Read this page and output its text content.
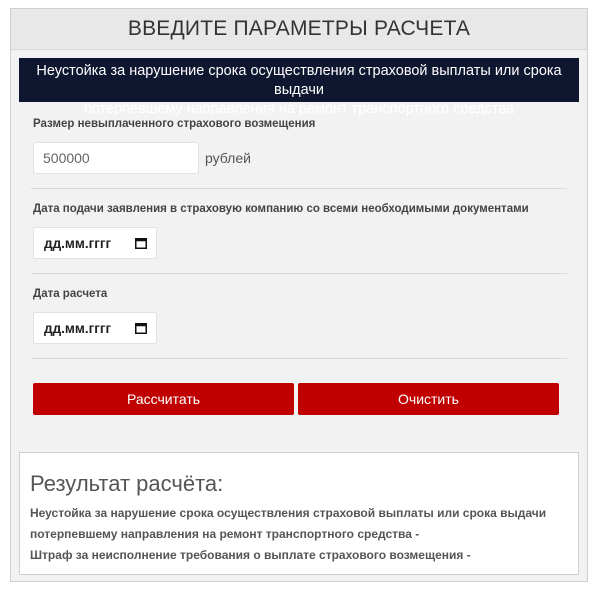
ВВЕДИТЕ ПАРАМЕТРЫ РАСЧЕТА
Неустойка за нарушение срока осуществления страховой выплаты или срока выдачи
потерпевшему направления на ремонт транспортного средства
Размер невыплаченного страхового возмещения
500000
рублей
Дата подачи заявления в страховую компанию со всеми необходимыми документами
дд.мм.гггг
Дата расчета
дд.мм.гггг
Рассчитать	Очистить
Результат расчёта:
Неустойка за нарушение срока осуществления страховой выплаты или срока выдачи
потерпевшему направления на ремонт транспортного средства -
Штраф за неисполнение требования о выплате страхового возмещения -
